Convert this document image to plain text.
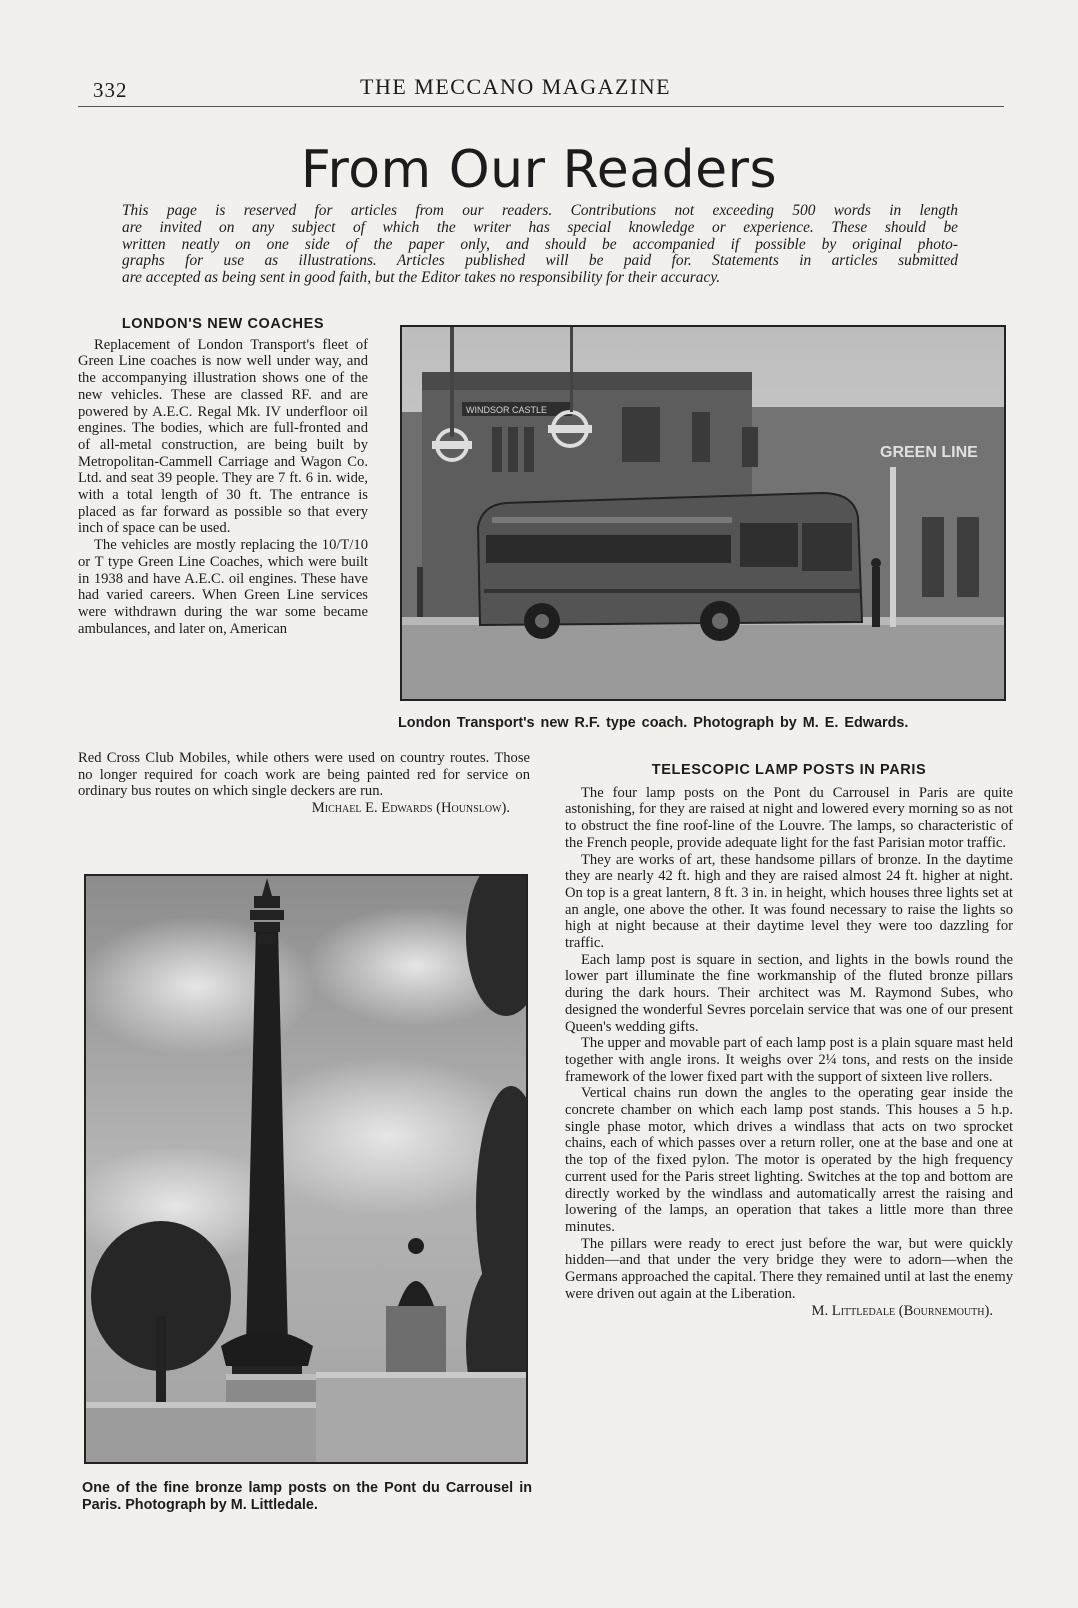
332	THE MECCANO MAGAZINE
From Our Readers
This page is reserved for articles from our readers. Contributions not exceeding 500 words in length
are invited on any subject of which the writer has special knowledge or experience. These should be
written neatly on one side of the paper only, and should be accompanied if possible by original photo-
graphs for use as illustrations. Articles published will be paid for. Statements in articles submitted
are accepted as being sent in good faith, but the Editor takes no responsibility for their accuracy.
LONDON'S NEW COACHES

Replacement of London Transport's fleet of Green Line coaches is now well under way, and the accompanying illustration shows one of the new vehicles. These are classed RF. and are powered by A.E.C. Regal Mk. IV underfloor oil engines. The bodies, which are full-fronted and of all-metal construction, are being built by Metropolitan-Cammell Carriage and Wagon Co. Ltd. and seat 39 people. They are 7 ft. 6 in. wide, with a total length of 30 ft. The entrance is placed as far forward as possible so that every inch of space can be used.

The vehicles are mostly replacing the 10/T/10 or T type Green Line Coaches, which were built in 1938 and have A.E.C. oil engines. These have had varied careers. When Green Line services were withdrawn during the war some became ambulances, and later on, American

Red Cross Club Mobiles, while others were used on country routes. Those no longer required for coach work are being painted red for service on ordinary bus routes on which single deckers are run.

Michael E. Edwards (Hounslow).
WINDSOR CASTLE
GREEN LINE
London Transport's new R.F. type coach. Photograph by M. E. Edwards.
TELESCOPIC LAMP POSTS IN PARIS

The four lamp posts on the Pont du Carrousel in Paris are quite astonishing, for they are raised at night and lowered every morning so as not to obstruct the fine roof-line of the Louvre. The lamps, so characteristic of the French people, provide adequate light for the fast Parisian motor traffic.

They are works of art, these handsome pillars of bronze. In the daytime they are nearly 42 ft. high and they are raised almost 24 ft. higher at night. On top is a great lantern, 8 ft. 3 in. in height, which houses three lights set at an angle, one above the other. It was found necessary to raise the lights so high at night because at their daytime level they were too dazzling for traffic.

Each lamp post is square in section, and lights in the bowls round the lower part illuminate the fine workmanship of the fluted bronze pillars during the dark hours. Their architect was M. Raymond Subes, who designed the wonderful Sevres porcelain service that was one of our present Queen's wedding gifts.

The upper and movable part of each lamp post is a plain square mast held together with angle irons. It weighs over 2¼ tons, and rests on the inside framework of the lower fixed part with the support of sixteen live rollers.

Vertical chains run down the angles to the operating gear inside the concrete chamber on which each lamp post stands. This houses a 5 h.p. single phase motor, which drives a windlass that acts on two sprocket chains, each of which passes over a return roller, one at the base and one at the top of the fixed pylon. The motor is operated by the high frequency current used for the Paris street lighting. Switches at the top and bottom are directly worked by the windlass and automatically arrest the raising and lowering of the lamps, an operation that takes a little more than three minutes.

The pillars were ready to erect just before the war, but were quickly hidden—and that under the very bridge they were to adorn—when the Germans approached the capital. There they remained until at last the enemy were driven out again at the Liberation.

M. Littledale (Bournemouth).
One of the fine bronze lamp posts on the Pont du Carrousel in Paris. Photograph by M. Littledale.
